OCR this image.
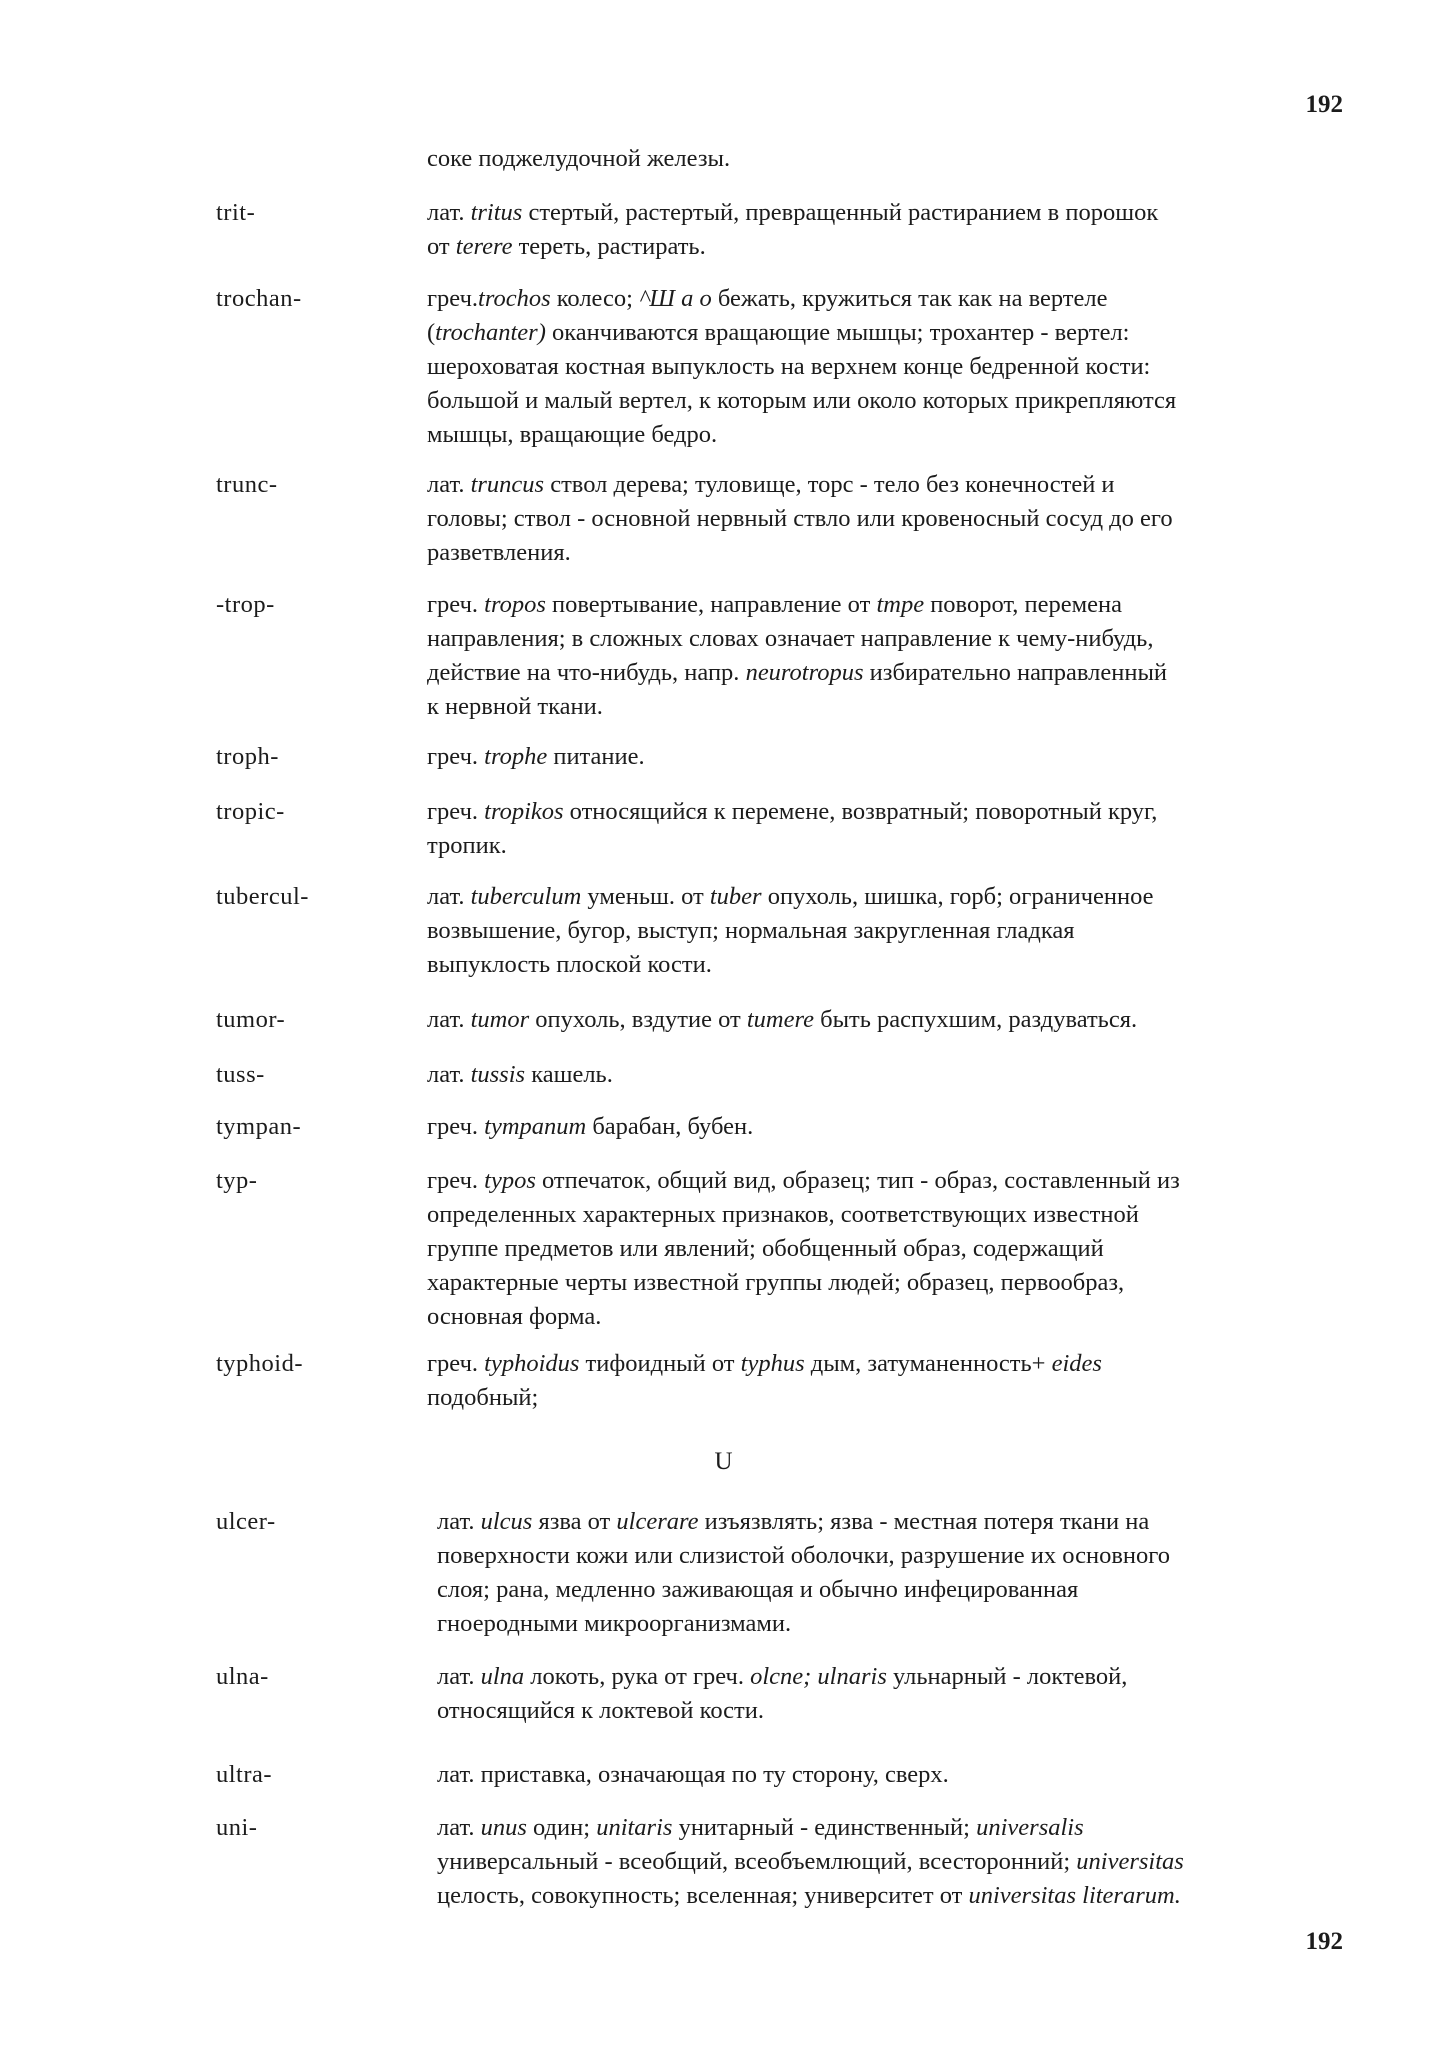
192
соке поджелудочной железы.
trit-	лат. tritus стертый, растертый, превращенный растиранием в порошок
от terere тереть, растирать.
trochan-	греч.trochos колесо; ^Ш а о бежать, кружиться так как на вертеле
(trochanter) оканчиваются вращающие мышцы; трохантер - вертел:
шероховатая костная выпуклость на верхнем конце бедренной кости:
большой и малый вертел, к которым или около которых прикрепляются
мышцы, вращающие бедро.
trunc-	лат. truncus ствол дерева; туловище, торс - тело без конечностей и
головы; ствол - основной нервный ствло или кровеносный сосуд до его
разветвления.
-trop-	греч. tropos повертывание, направление от tmpe поворот, перемена
направления; в сложных словах означает направление к чему-нибудь,
действие на что-нибудь, напр. neurotropus избирательно направленный
к нервной ткани.
troph-	греч. trophe питание.
tropic-	греч. tropikos относящийся к перемене, возвратный; поворотный круг,
тропик.
tubercul-	лат. tuberculum уменьш. от tuber опухоль, шишка, горб; ограниченное
возвышение, бугор, выступ; нормальная закругленная гладкая
выпуклость плоской кости.
tumor-	лат. tumor опухоль, вздутие от tumere быть распухшим, раздуваться.
tuss-	лат. tussis кашель.
tympan-	греч. tympanum барабан, бубен.
typ-	греч. typos отпечаток, общий вид, образец; тип - образ, составленный из
определенных характерных признаков, соответствующих известной
группе предметов или явлений; обобщенный образ, содержащий
характерные черты известной группы людей; образец, первообраз,
основная форма.
typhoid-	греч. typhoidus тифоидный от typhus дым, затуманенность+ eides
подобный;
U
ulcer-	лат. ulcus язва от ulcerare изъязвлять; язва - местная потеря ткани на
поверхности кожи или слизистой оболочки, разрушение их основного
слоя; рана, медленно заживающая и обычно инфецированная
гноеродными микроорганизмами.
ulna-	лат. ulna локоть, рука от греч. olcne; ulnaris ульнарный - локтевой,
относящийся к локтевой кости.
ultra-	лат. приставка, означающая по ту сторону, сверх.
uni-	лат. unus один; unitaris унитарный - единственный; universalis
универсальный - всеобщий, всеобъемлющий, всесторонний; universitas
целость, совокупность; вселенная; университет от universitas literarum.
192
